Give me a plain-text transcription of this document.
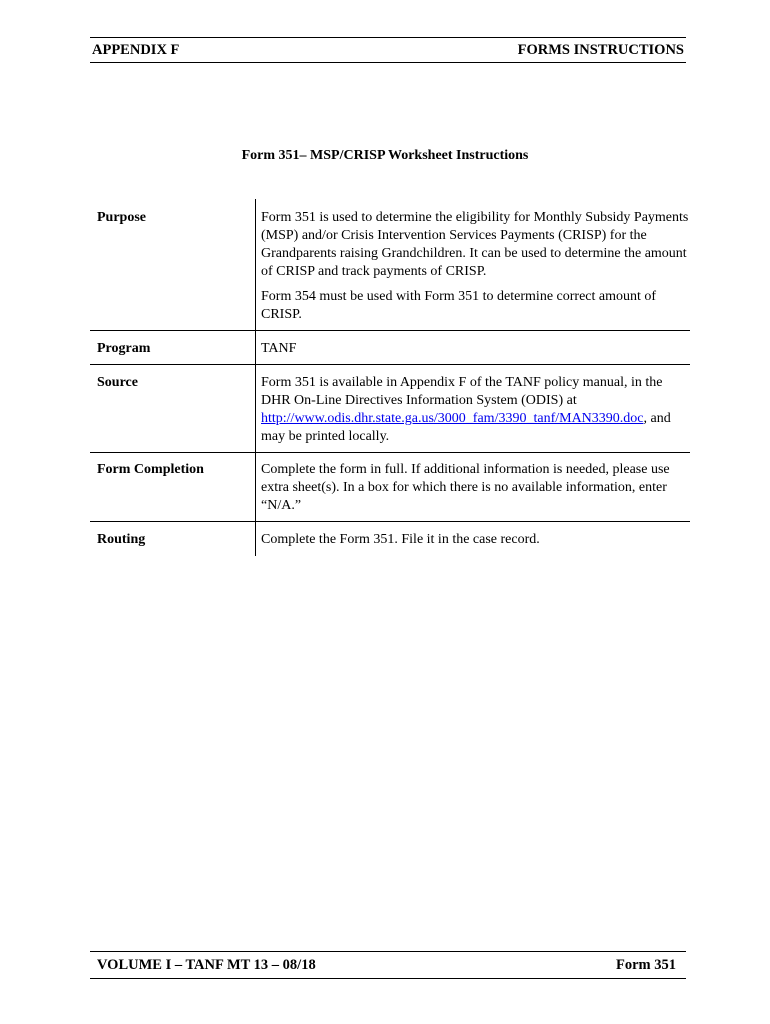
APPENDIX F	FORMS INSTRUCTIONS
Form 351– MSP/CRISP Worksheet Instructions
Purpose	Form 351 is used to determine the eligibility for Monthly Subsidy Payments (MSP) and/or Crisis Intervention Services Payments (CRISP) for the Grandparents raising Grandchildren. It can be used to determine the amount of CRISP and track payments of CRISP.
Form 354 must be used with Form 351 to determine correct amount of CRISP.
Program	TANF
Source	Form 351 is available in Appendix F of the TANF policy manual, in the DHR On-Line Directives Information System (ODIS) at http://www.odis.dhr.state.ga.us/3000_fam/3390_tanf/MAN3390.doc, and may be printed locally.
Form Completion	Complete the form in full. If additional information is needed, please use extra sheet(s). In a box for which there is no available information, enter “N/A.”
Routing	Complete the Form 351. File it in the case record.
VOLUME I – TANF MT 13 – 08/18	Form 351
